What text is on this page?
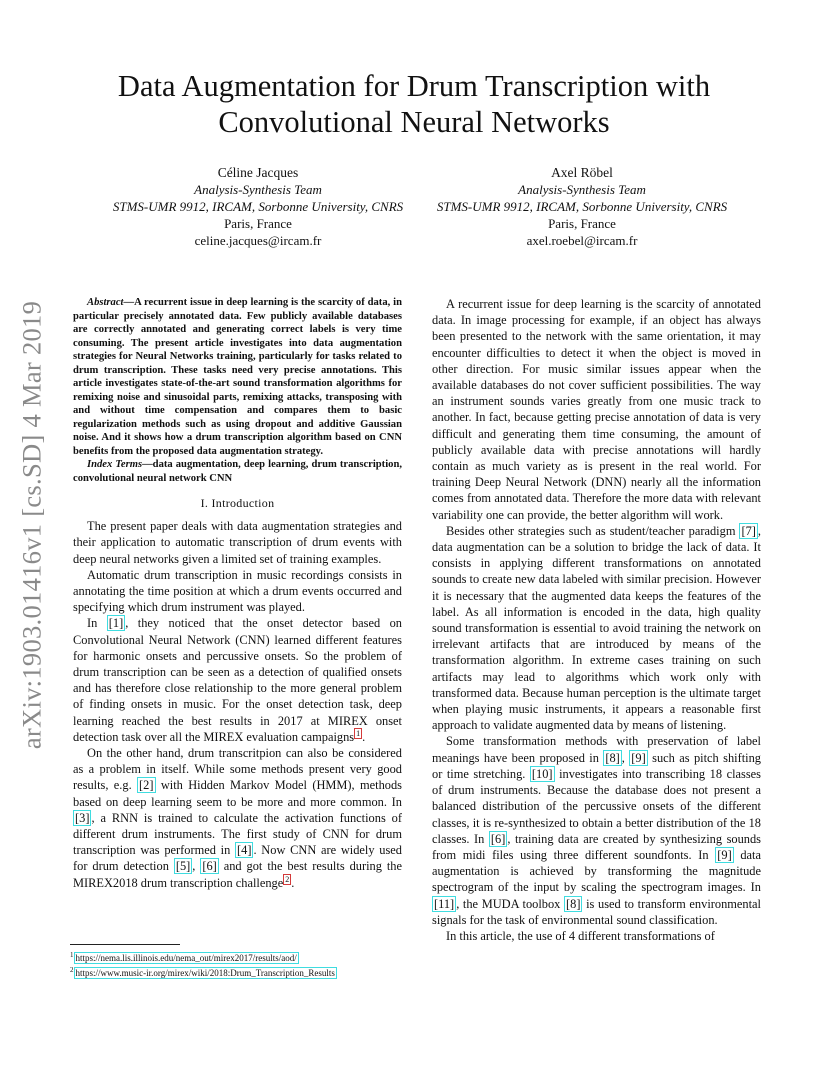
arXiv:1903.01416v1 [cs.SD] 4 Mar 2019
Data Augmentation for Drum Transcription with Convolutional Neural Networks
Céline Jacques
Analysis-Synthesis Team
STMS-UMR 9912, IRCAM, Sorbonne University, CNRS
Paris, France
celine.jacques@ircam.fr
Axel Röbel
Analysis-Synthesis Team
STMS-UMR 9912, IRCAM, Sorbonne University, CNRS
Paris, France
axel.roebel@ircam.fr

Abstract—A recurrent issue in deep learning is the scarcity of data, in particular precisely annotated data. Few publicly available databases are correctly annotated and generating correct labels is very time consuming. The present article investigates into data augmentation strategies for Neural Networks training, particularly for tasks related to drum transcription. These tasks need very precise annotations. This article investigates state-of-the-art sound transformation algorithms for remixing noise and sinusoidal parts, remixing attacks, transposing with and without time compensation and compares them to basic regularization methods such as using dropout and additive Gaussian noise. And it shows how a drum transcription algorithm based on CNN benefits from the proposed data augmentation strategy.

Index Terms—data augmentation, deep learning, drum transcription, convolutional neural network CNN

I. Introduction

The present paper deals with data augmentation strategies and their application to automatic transcription of drum events with deep neural networks given a limited set of training examples.

Automatic drum transcription in music recordings consists in annotating the time position at which a drum events occurred and specifying which drum instrument was played.

In [1] , they noticed that the onset detector based on Convolutional Neural Network (CNN) learned different features for harmonic onsets and percussive onsets. So the problem of drum transcription can be seen as a detection of qualified onsets and has therefore close relationship to the more general problem of finding onsets in music. For the onset detection task, deep learning reached the best results in 2017 at MIREX onset detection task over all the MIREX evaluation campaigns $^1$ .

On the other hand, drum transcritpion can also be considered as a problem in itself. While some methods present very good results, e.g. [2] with Hidden Markov Model (HMM), methods based on deep learning seem to be more and more common. In [3] , a RNN is trained to calculate the activation functions of different drum instruments. The first study of CNN for drum transcription was performed in [4] . Now CNN are widely used for drum detection [5] , [6] and got the best results during the MIREX2018 drum transcription challenge $^2$ .

$^1$ https://nema.lis.illinois.edu/nema_out/mirex2017/results/aod/
$^2$ https://www.music-ir.org/mirex/wiki/2018:Drum_Transcription_Results

A recurrent issue for deep learning is the scarcity of annotated data. In image processing for example, if an object has always been presented to the network with the same orientation, it may encounter difficulties to detect it when the object is moved in other direction. For music similar issues appear when the available databases do not cover sufficient possibilities. The way an instrument sounds varies greatly from one music track to another. In fact, because getting precise annotation of data is very difficult and generating them time consuming, the amount of publicly available data with precise annotations will hardly contain as much variety as is present in the real world. For training Deep Neural Network (DNN) nearly all the information comes from annotated data. Therefore the more data with relevant variability one can provide, the better algorithm will work.

Besides other strategies such as student/teacher paradigm [7] , data augmentation can be a solution to bridge the lack of data. It consists in applying different transformations on annotated sounds to create new data labeled with similar precision. However it is necessary that the augmented data keeps the features of the label. As all information is encoded in the data, high quality sound transformation is essential to avoid training the network on irrelevant artifacts that are introduced by means of the transformation algorithm. In extreme cases training on such artifacts may lead to algorithms which work only with transformed data. Because human perception is the ultimate target when playing music instruments, it appears a reasonable first approach to validate augmented data by means of listening.

Some transformation methods with preservation of label meanings have been proposed in [8] , [9] such as pitch shifting or time stretching. [10] investigates into transcribing 18 classes of drum instruments. Because the database does not present a balanced distribution of the percussive onsets of the different classes, it is re-synthesized to obtain a better distribution of the 18 classes. In [6] , training data are created by synthesizing sounds from midi files using three different soundfonts. In [9] data augmentation is achieved by transforming the magnitude spectrogram of the input by scaling the spectrogram images. In [11] , the MUDA toolbox [8] is used to transform environmental signals for the task of environmental sound classification.

In this article, the use of 4 different transformations of
